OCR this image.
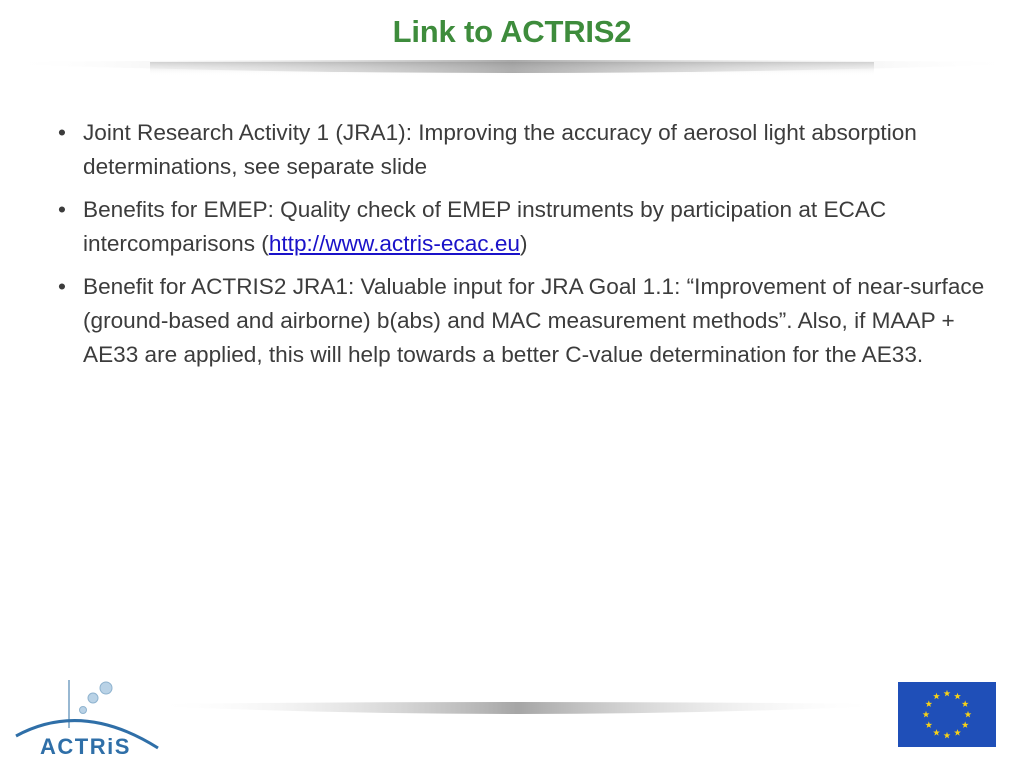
Link to ACTRIS2
• Joint Research Activity 1 (JRA1): Improving the accuracy of aerosol light absorption determinations, see separate slide
• Benefits for EMEP: Quality check of EMEP instruments by participation at ECAC intercomparisons (http://www.actris-ecac.eu)
• Benefit for ACTRIS2 JRA1: Valuable input for JRA Goal 1.1: “Improvement of near-surface (ground-based and airborne) b(abs) and MAC measurement methods”. Also, if MAAP + AE33 are applied, this will help towards a better C-value determination for the AE33.
ACTRiS
